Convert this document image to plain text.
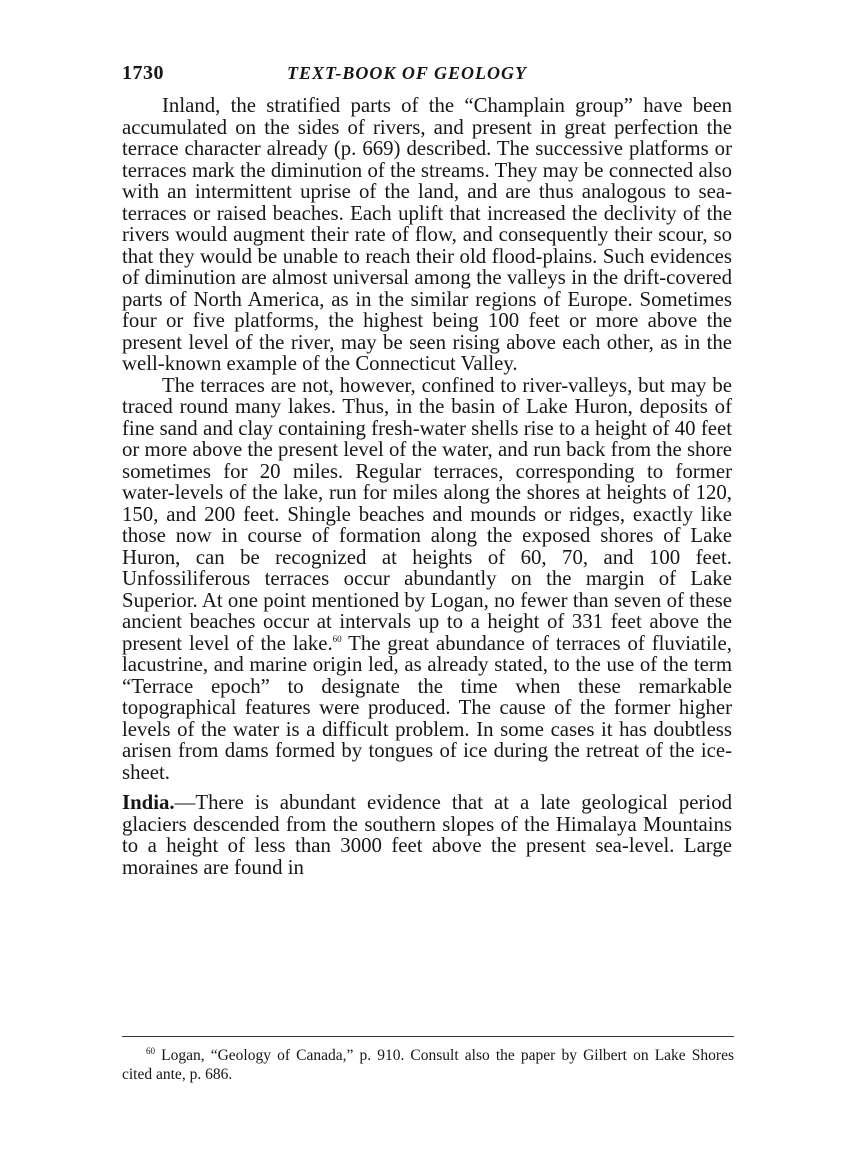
1730	TEXT-BOOK OF GEOLOGY

Inland, the stratified parts of the “Champlain group” have been accumulated on the sides of rivers, and present in great perfection the terrace character already (p. 669) described. The successive platforms or terraces mark the diminution of the streams. They may be connected also with an intermittent uprise of the land, and are thus analogous to sea-terraces or raised beaches. Each uplift that increased the declivity of the rivers would augment their rate of flow, and consequently their scour, so that they would be unable to reach their old flood-plains. Such evidences of diminution are almost universal among the valleys in the drift-covered parts of North America, as in the similar regions of Europe. Sometimes four or five platforms, the highest being 100 feet or more above the present level of the river, may be seen rising above each other, as in the well-known example of the Connecticut Valley.

The terraces are not, however, confined to river-valleys, but may be traced round many lakes. Thus, in the basin of Lake Huron, deposits of fine sand and clay containing fresh-water shells rise to a height of 40 feet or more above the present level of the water, and run back from the shore sometimes for 20 miles. Regular terraces, corresponding to former water-levels of the lake, run for miles along the shores at heights of 120, 150, and 200 feet. Shingle beaches and mounds or ridges, exactly like those now in course of formation along the exposed shores of Lake Huron, can be recognized at heights of 60, 70, and 100 feet. Unfossiliferous terraces occur abundantly on the margin of Lake Superior. At one point mentioned by Logan, no fewer than seven of these ancient beaches occur at intervals up to a height of 331 feet above the present level of the lake.$^{60}$ The great abundance of terraces of fluviatile, lacustrine, and marine origin led, as already stated, to the use of the term “Terrace epoch” to designate the time when these remarkable topographical features were produced. The cause of the former higher levels of the water is a difficult problem. In some cases it has doubtless arisen from dams formed by tongues of ice during the retreat of the ice-sheet.

India.—There is abundant evidence that at a late geological period glaciers descended from the southern slopes of the Himalaya Mountains to a height of less than 3000 feet above the present sea-level. Large moraines are found in

$^{60}$ Logan, “Geology of Canada,” p. 910. Consult also the paper by Gilbert on Lake Shores cited ante, p. 686.
